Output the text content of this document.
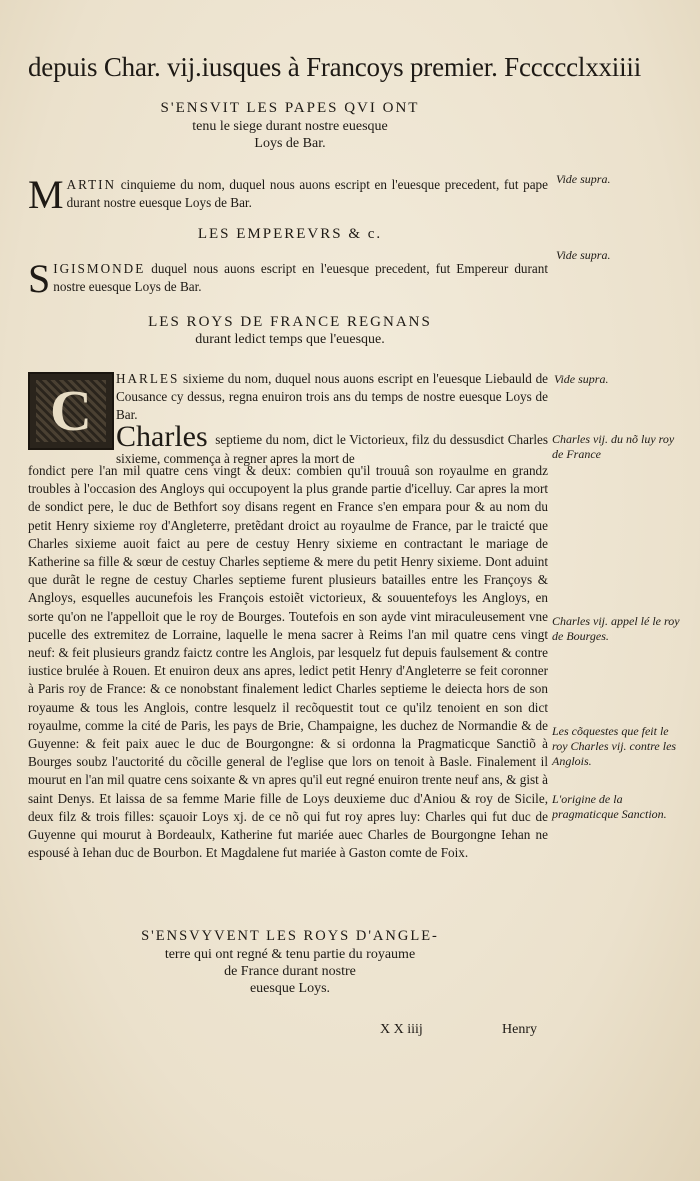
depuis Char. vij.iusques à Francoys premier. Fccccclxxiiii
S'ENSVIT LES PAPES QVI ONT
tenu le siege durant nostre euesque
Loys de Bar.
M ARTIN cinquieme du nom, duquel nous auons escript en l'euesque precedent, fut pape durant nostre euesque Loys de Bar.
LES EMPEREVRS & c.
S IGISMONDE duquel nous auons escript en l'euesque precedent, fut Empereur durant nostre euesque Loys de Bar.
LES ROYS DE FRANCE REGNANS
durant ledict temps que l'euesque.
C HARLES sixieme du nom, duquel nous auons escript en l'euesque Liebauld de Cousance cy dessus, regna enuiron trois ans du temps de nostre euesque Loys de Bar.
Charles septieme du nom, dict le Victorieux, filz du dessusdict Charles sixieme, commença à regner apres la mort de
fondict pere l'an mil quatre cens vingt & deux: combien qu'il trouuâ son royaulme en grandz troubles à l'occasion des Angloys qui occupoyent la plus grande partie d'icelluy. Car apres la mort de sondict pere, le duc de Bethfort soy disans regent en France s'en empara pour & au nom du petit Henry sixieme roy d'Angleterre, pretẽdant droict au royaulme de France, par le traicté que Charles sixieme auoit faict au pere de cestuy Henry sixieme en contractant le mariage de Katherine sa fille & sœur de cestuy Charles septieme & mere du petit Henry sixieme. Dont aduint que durãt le regne de cestuy Charles septieme furent plusieurs batailles entre les Françoys & Angloys, esquelles aucunefois les François estoiẽt victorieux, & souuentefoys les Angloys, en sorte qu'on ne l'appelloit que le roy de Bourges. Toutefois en son ayde vint miraculeusement vne pucelle des extremitez de Lorraine, laquelle le mena sacrer à Reims l'an mil quatre cens vingt neuf: & feit plusieurs grandz faictz contre les Anglois, par lesquelz fut depuis faulsement & contre iustice brulée à Rouen. Et enuiron deux ans apres, ledict petit Henry d'Angleterre se feit coronner à Paris roy de France: & ce nonobstant finalement ledict Charles septieme le deiecta hors de son royaume & tous les Anglois, contre lesquelz il recõquestit tout ce qu'ilz tenoient en son dict royaulme, comme la cité de Paris, les pays de Brie, Champaigne, les duchez de Normandie & de Guyenne: & feit paix auec le duc de Bourgongne: & si ordonna la Pragmaticque Sanctiõ à Bourges soubz l'auctorité du cõcille general de l'eglise que lors on tenoit à Basle. Finalement il mourut en l'an mil quatre cens soixante & vn apres qu'il eut regné enuiron trente neuf ans, & gist à saint Denys. Et laissa de sa femme Marie fille de Loys deuxieme duc d'Aniou & roy de Sicile, deux filz & trois filles: sçauoir Loys xj. de ce nõ qui fut roy apres luy: Charles qui fut duc de Guyenne qui mourut à Bordeaulx, Katherine fut mariée auec Charles de Bourgongne Iehan ne espousé à Iehan duc de Bourbon. Et Magdalene fut mariée à Gaston comte de Foix.
S'ENSVYVENT LES ROYS D'ANGLE-
terre qui ont regné & tenu partie du royaume
de France durant nostre
euesque Loys.
X X iiij	Henry
Vide supra.
Vide supra.
Vide supra.
Charles vij. du nõ luy roy de France
Charles vij. appel lé le roy de Bourges.
Les cõquestes que feit le roy Charles vij. contre les Anglois.
L'origine de la pragmaticque Sanction.
